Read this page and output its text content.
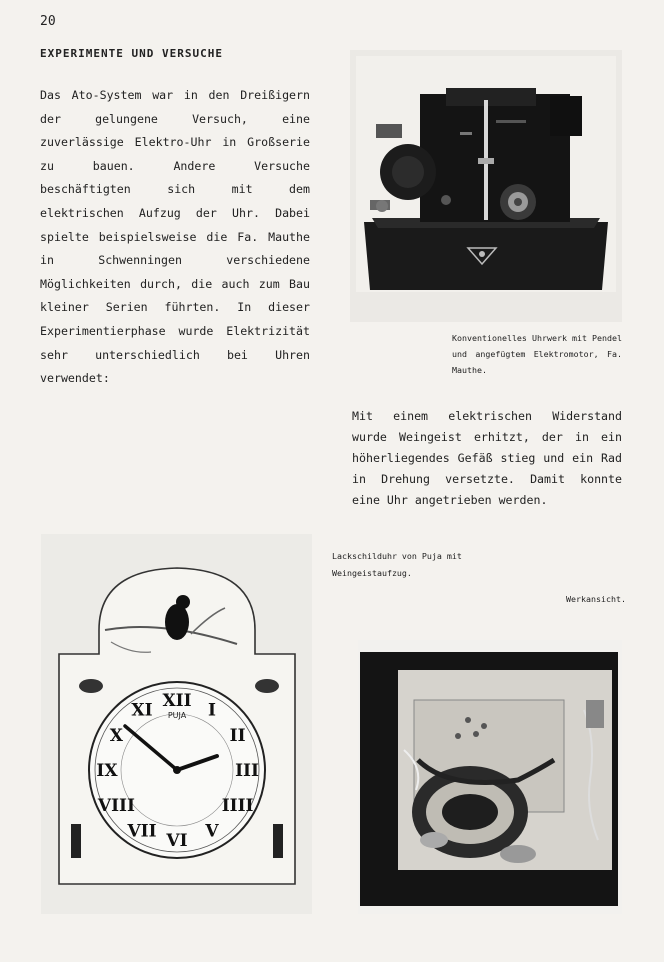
20
EXPERIMENTE UND VERSUCHE
Das Ato-System war in den Dreißigern der gelungene Versuch, eine zuverlässige Elektro-Uhr in Großserie zu bauen. Andere Versuche beschäftigten sich mit dem elektrischen Aufzug der Uhr. Dabei spielte beispielsweise die Fa. Mauthe in Schwenningen verschiedene Möglichkeiten durch, die auch zum Bau kleiner Serien führten. In dieser Experimentierphase wurde Elektrizität sehr unterschiedlich bei Uhren verwendet:
Konventionelles Uhrwerk mit Pendel und angefügtem Elektromotor, Fa. Mauthe.
Mit einem elektrischen Widerstand wurde Weingeist erhitzt, der in ein höherliegendes Gefäß stieg und ein Rad in Drehung versetzte. Damit konnte eine Uhr angetrieben werden.
Lackschilduhr von Puja mit Weingeistaufzug.
Werkansicht.
XII I
II
III
IIII
V
VI
VII
VIII
IX
X
XI PUJA
